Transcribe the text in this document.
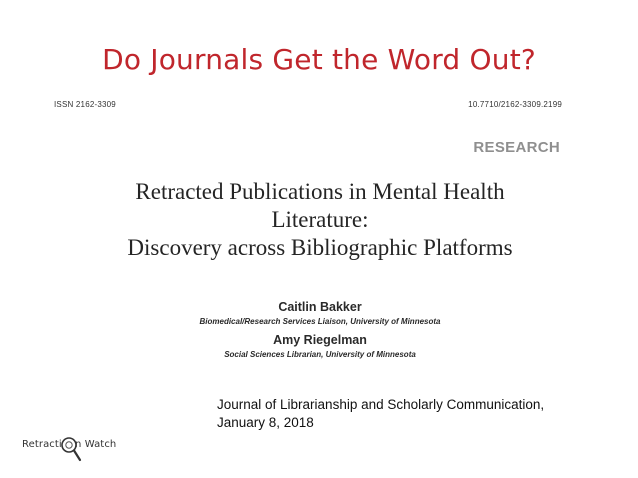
Do Journals Get the Word Out?
ISSN 2162-3309	10.7710/2162-3309.2199
RESEARCH
Retracted Publications in Mental Health
Literature:
Discovery across Bibliographic Platforms
Caitlin Bakker
Biomedical/Research Services Liaison, University of Minnesota
Amy Riegelman
Social Sciences Librarian, University of Minnesota
Journal of Librarianship and Scholarly Communication,
January 8, 2018
Retracti n Watch
